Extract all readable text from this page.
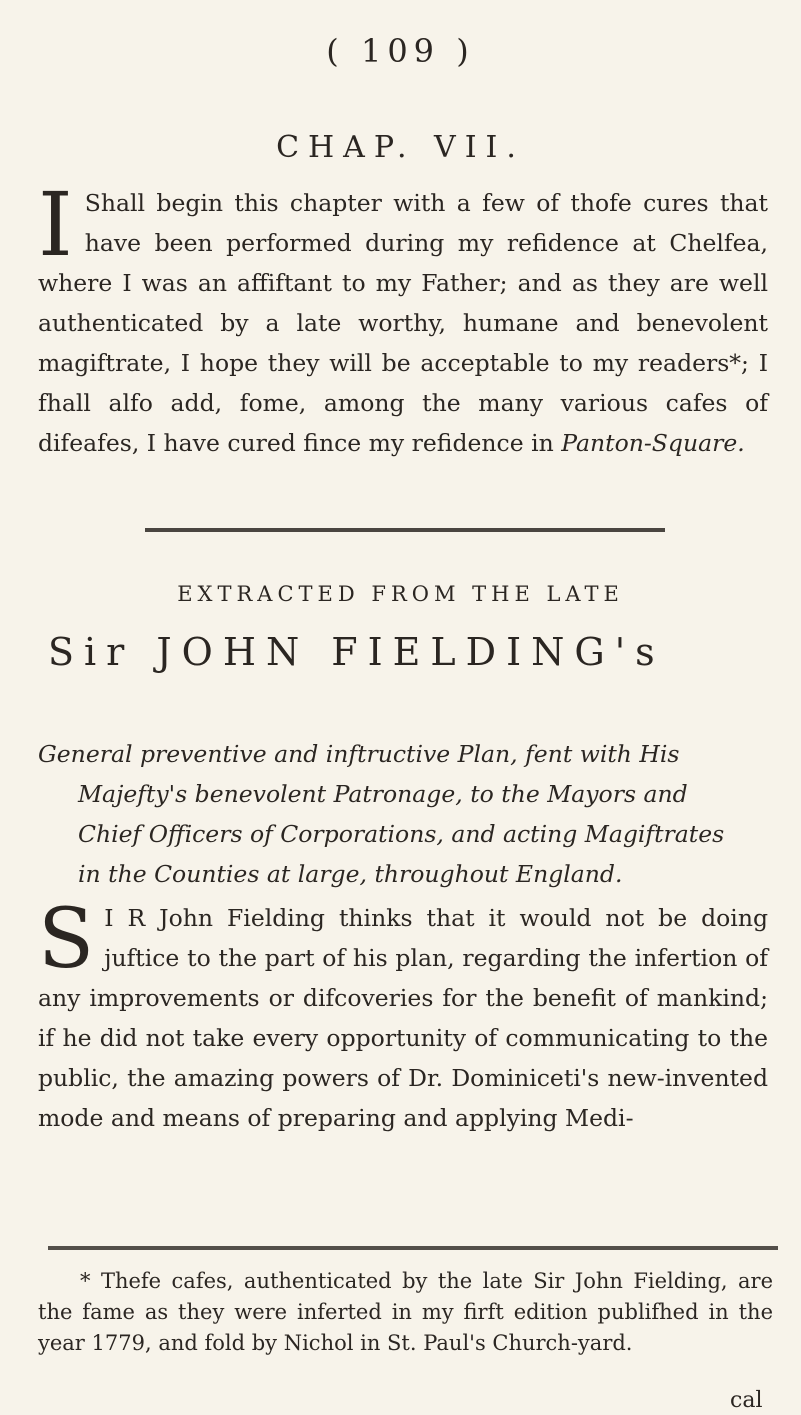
( 109 )
CHAP. VII.

I Shall begin this chapter with a few of thofe cures that have been performed during my refidence at Chelfea, where I was an affiftant to my Father; and as they are well authenticated by a late worthy, humane and benevolent magiftrate, I hope they will be acceptable to my readers*; I fhall alfo add, fome, among the many various cafes of difeafes, I have cured fince my refidence in Panton-Square.

EXTRACTED FROM THE LATE
Sir JOHN FIELDING's
General preventive and inftructive Plan, fent with His
Majefty's benevolent Patronage, to the Mayors and
Chief Officers of Corporations, and acting Magiftrates
in the Counties at large, throughout England.

S I R John Fielding thinks that it would not be doing juftice to the part of his plan, regarding the infertion of any improvements or difcoveries for the benefit of mankind; if he did not take every opportunity of communicating to the public, the amazing powers of Dr. Dominiceti's new-invented mode and means of preparing and applying Medi-

* Thefe cafes, authenticated by the late Sir John Fielding, are the fame as they were inferted in my firft edition publifhed in the year 1779, and fold by Nichol in St. Paul's Church-yard.

cal
